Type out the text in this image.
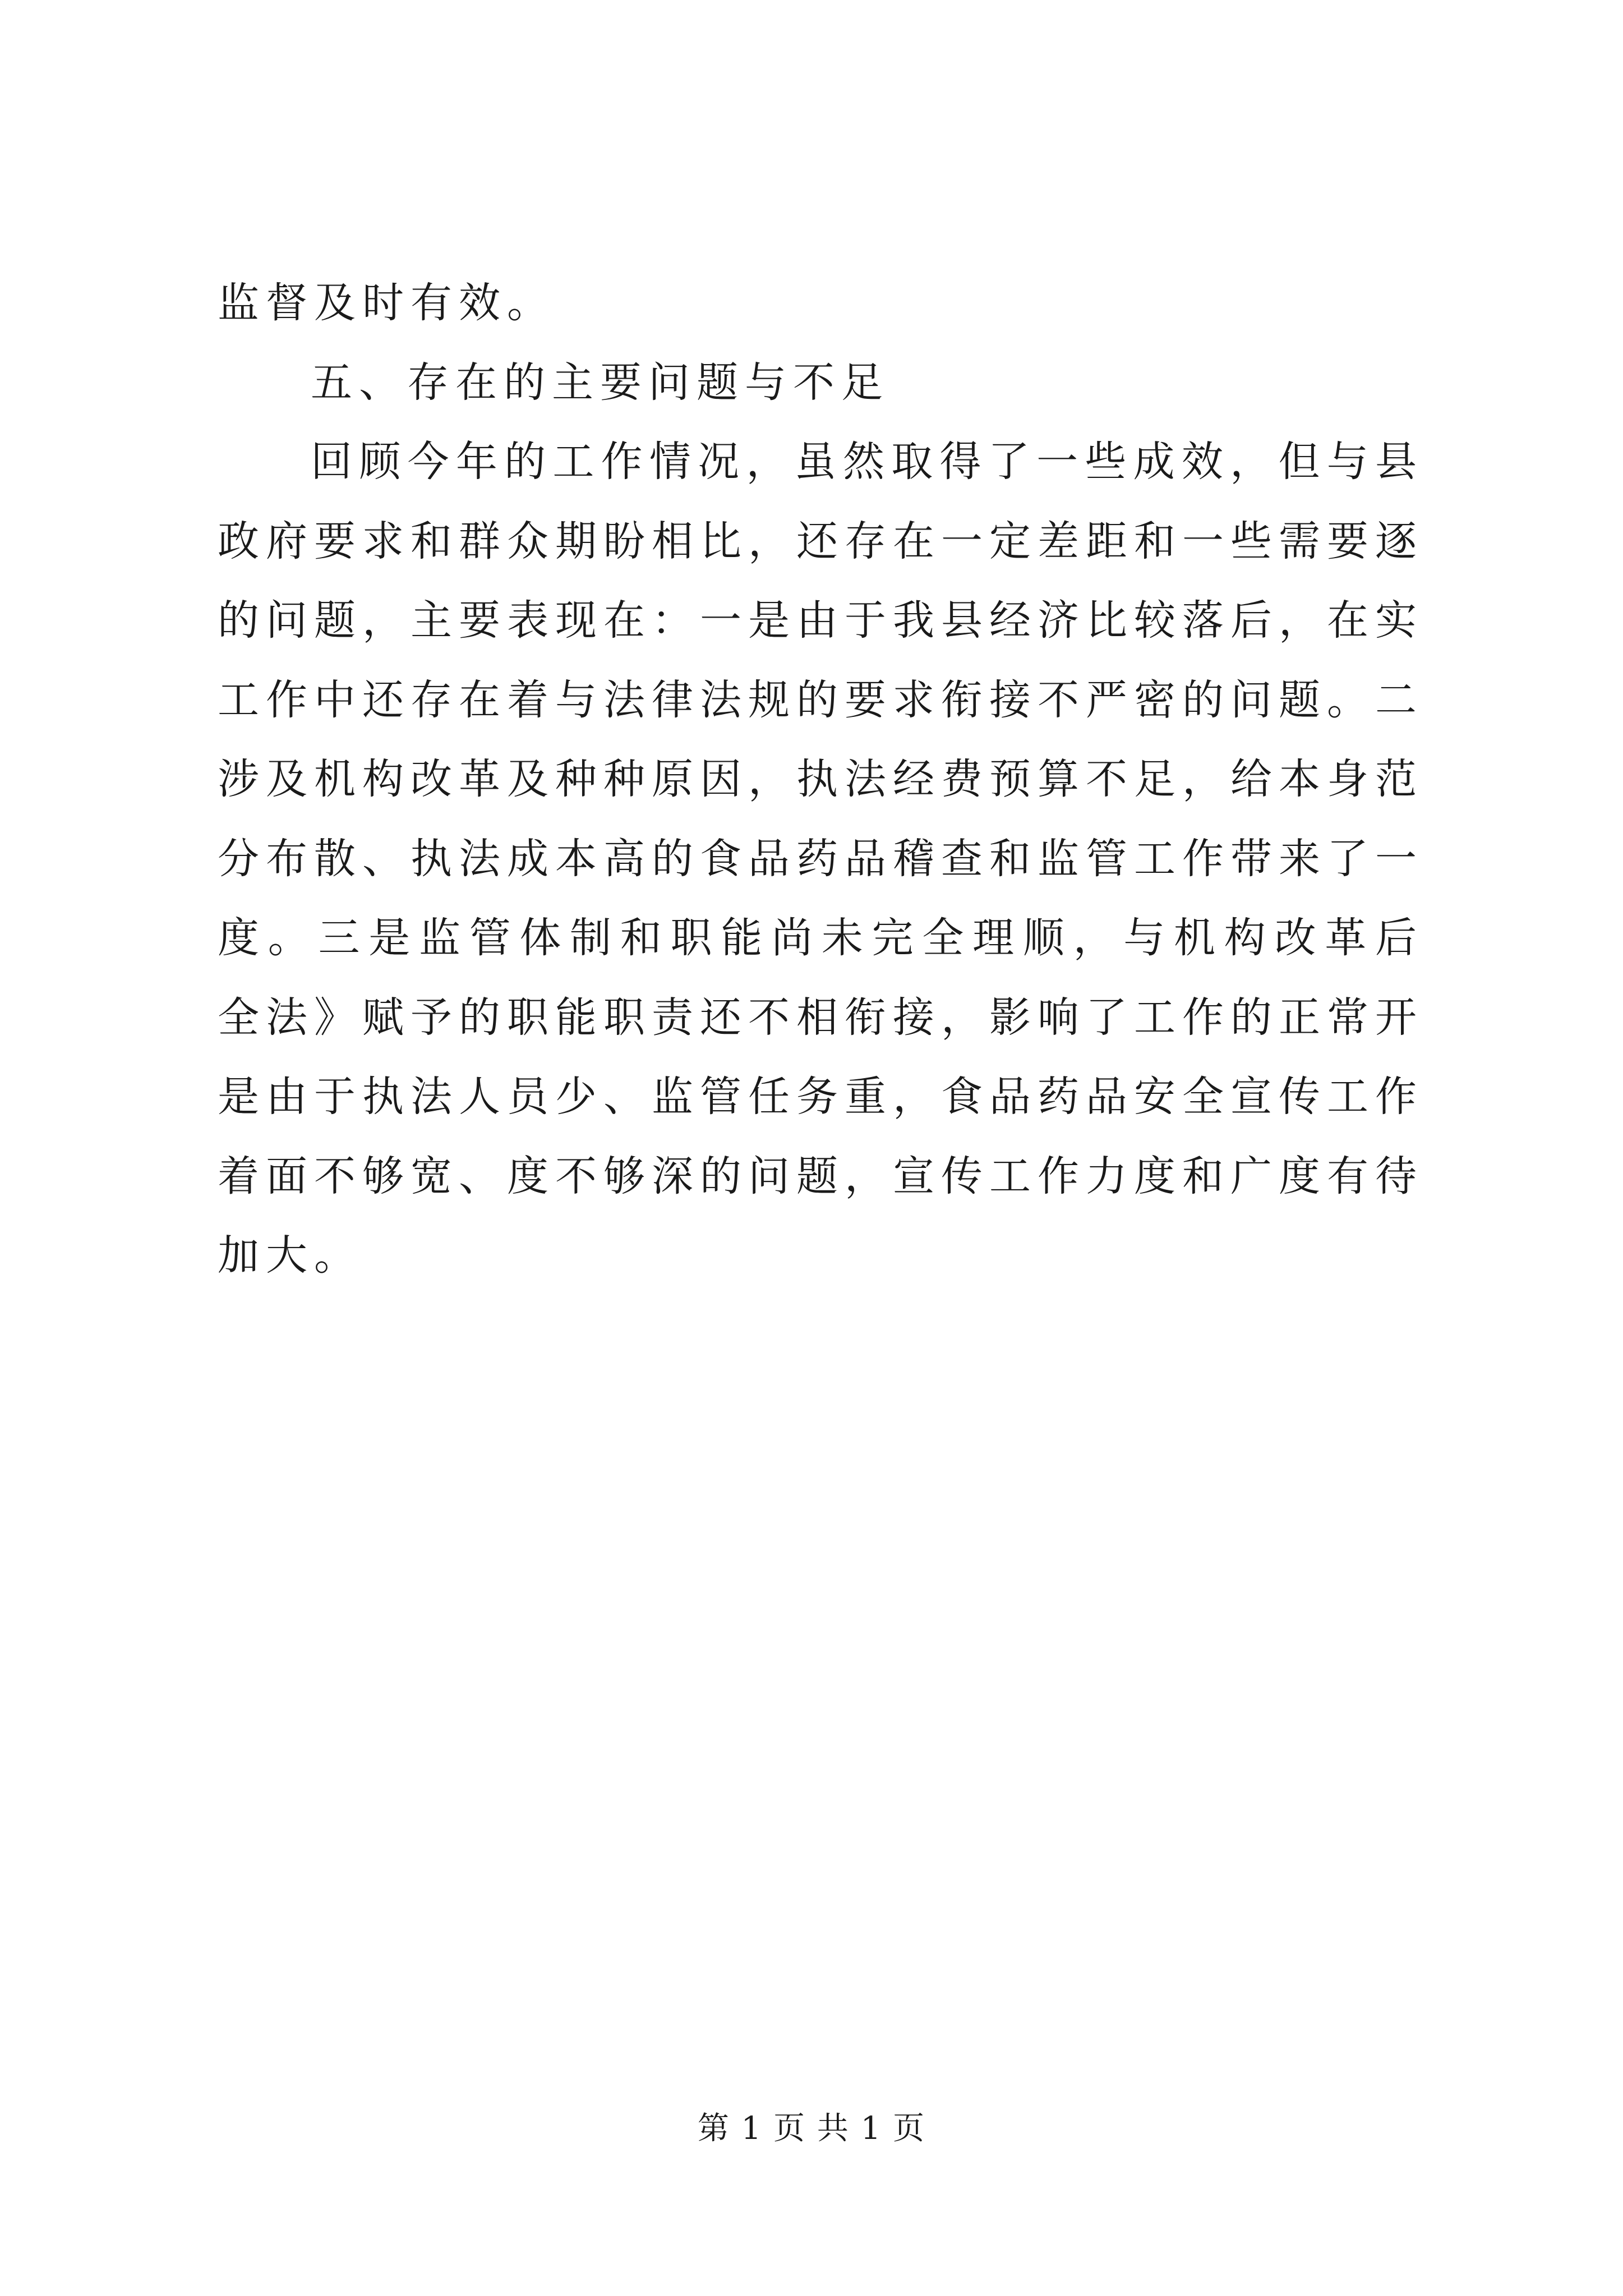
监督及时有效。
五、存在的主要问题与不足
回顾今年的工作情况，虽然取得了一些成效，但与县
政府要求和群众期盼相比，还存在一定差距和一些需要逐
的问题，主要表现在：一是由于我县经济比较落后，在实
工作中还存在着与法律法规的要求衔接不严密的问题。二
涉及机构改革及种种原因，执法经费预算不足，给本身范
分布散、执法成本高的食品药品稽查和监管工作带来了一
度。三是监管体制和职能尚未完全理顺，与机构改革后
全法》赋予的职能职责还不相衔接，影响了工作的正常开
是由于执法人员少、监管任务重，食品药品安全宣传工作
着面不够宽、度不够深的问题，宣传工作力度和广度有待
加大。
第 1 页 共 1 页
